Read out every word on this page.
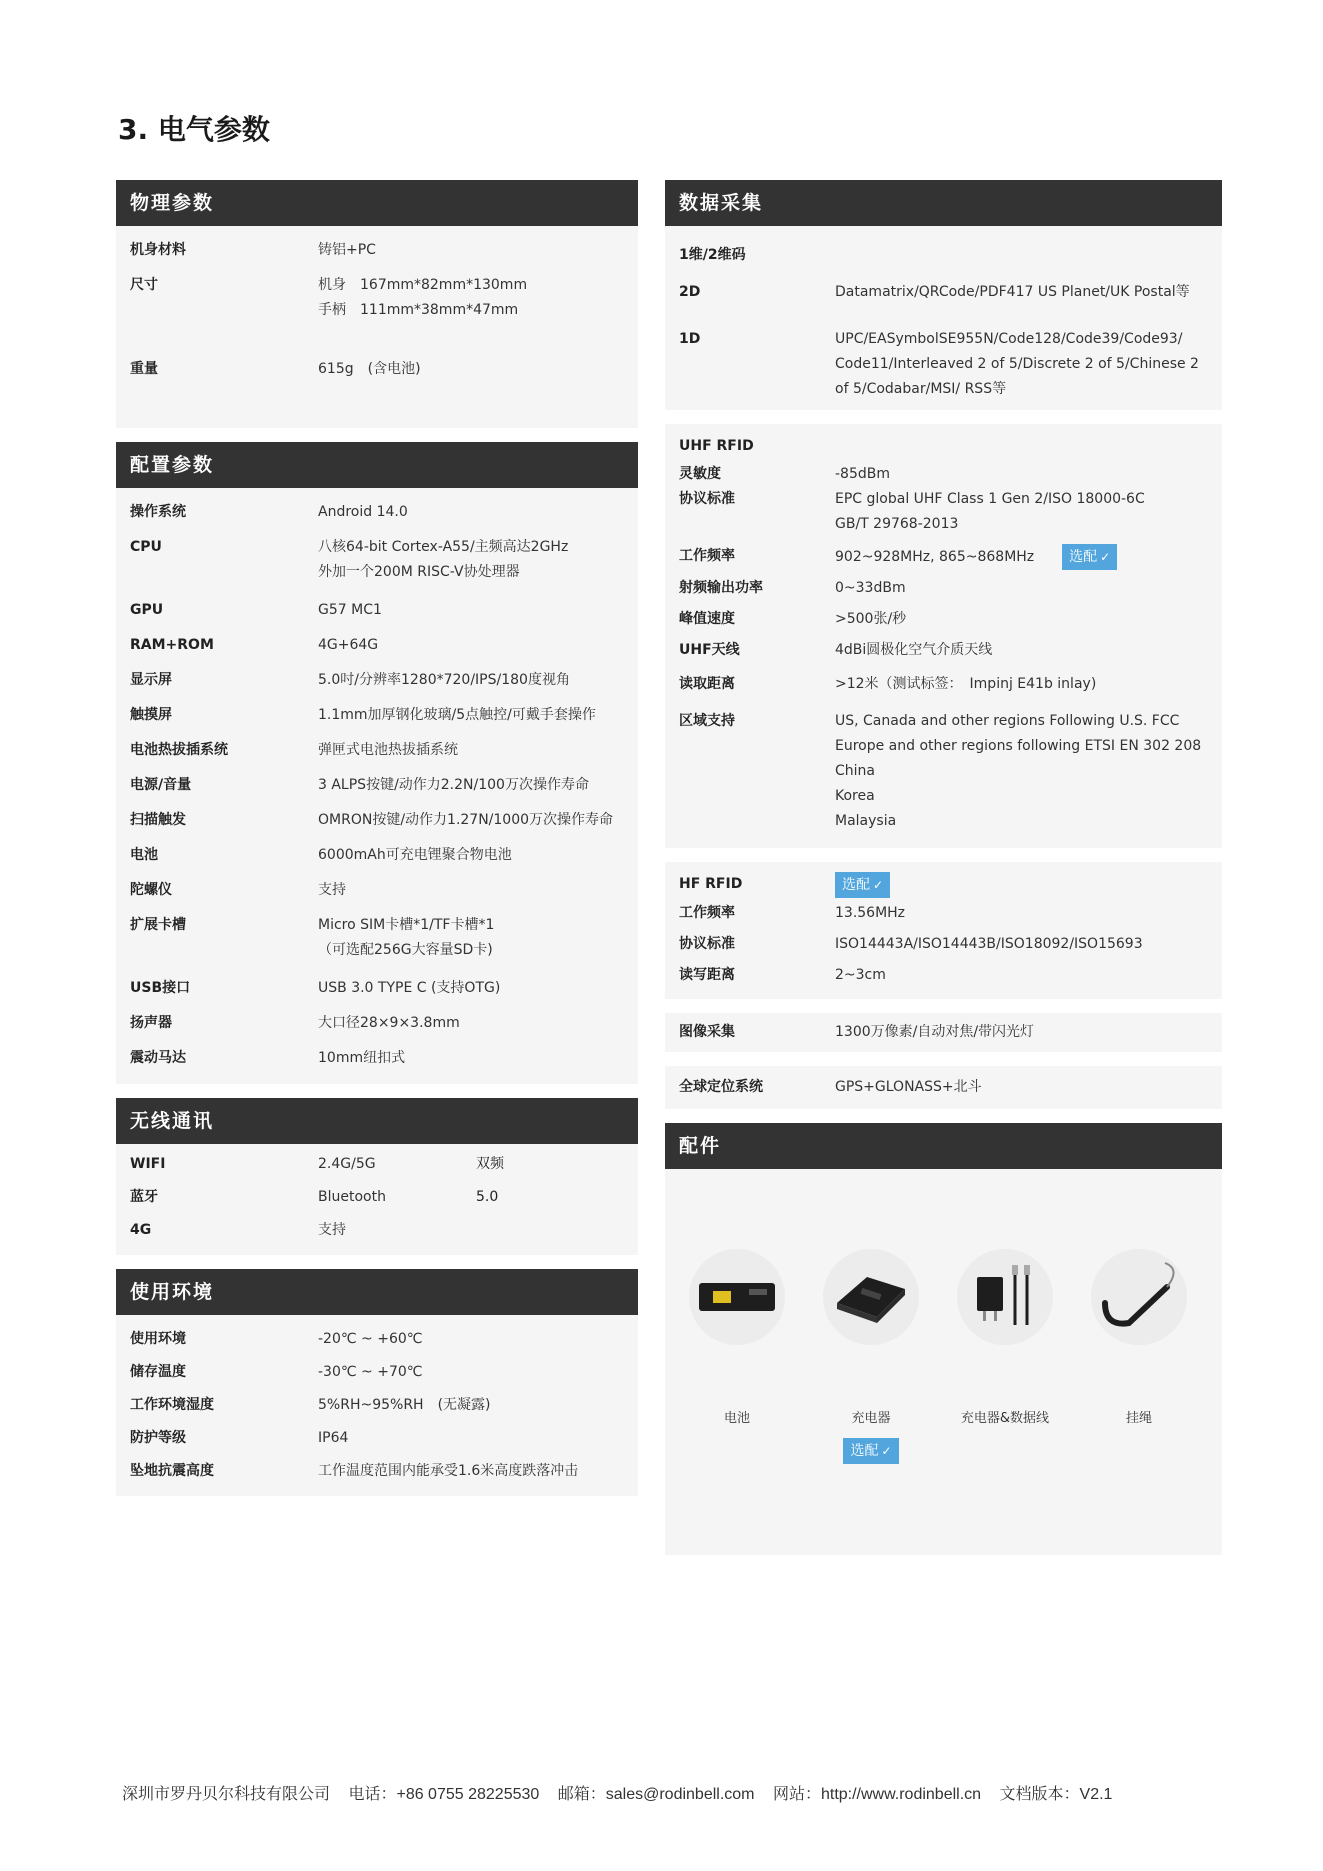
3. 电气参数
物理参数
机身材料	铸铝+PC
尺寸	机身　167mm*82mm*130mm
手柄　111mm*38mm*47mm
重量	615g　(含电池)
配置参数
操作系统	Android 14.0
CPU	八核64-bit Cortex-A55/主频高达2GHz
外加一个200M RISC-V协处理器
GPU	G57 MC1
RAM+ROM	4G+64G
显示屏	5.0吋/分辨率1280*720/IPS/180度视角
触摸屏	1.1mm加厚钢化玻璃/5点触控/可戴手套操作
电池热拔插系统	弹匣式电池热拔插系统
电源/音量	3 ALPS按键/动作力2.2N/100万次操作寿命
扫描触发	OMRON按键/动作力1.27N/1000万次操作寿命
电池	6000mAh可充电锂聚合物电池
陀螺仪	支持
扩展卡槽	Micro SIM卡槽*1/TF卡槽*1
（可选配256G大容量SD卡)
USB接口	USB 3.0 TYPE C (支持OTG)
扬声器	大口径28×9×3.8mm
震动马达	10mm纽扣式
无线通讯
WIFI	2.4G/5G	双频
蓝牙	Bluetooth	5.0
4G	支持
使用环境
使用环境	-20℃ ~ +60℃
储存温度	-30℃ ~ +70℃
工作环境湿度	5%RH~95%RH　(无凝露)
防护等级	IP64
坠地抗震高度	工作温度范围内能承受1.6米高度跌落冲击
数据采集
1维/2维码
2D	Datamatrix/QRCode/PDF417 US Planet/UK Postal等
1D	UPC/EASymbolSE955N/Code128/Code39/Code93/
Code11/Interleaved 2 of 5/Discrete 2 of 5/Chinese 2
of 5/Codabar/MSI/ RSS等
UHF RFID
灵敏度	-85dBm
协议标准	EPC global UHF Class 1 Gen 2/ISO 18000-6C
GB/T 29768-2013
工作频率	902~928MHz, 865~868MHz	选配 ✓
射频输出功率	0~33dBm
峰值速度	>500张/秒
UHF天线	4dBi圆极化空气介质天线
读取距离	>12米（测试标签：　Impinj E41b inlay)
区域支持	US, Canada and other regions Following U.S. FCC
Europe and other regions following ETSI EN 302 208
China
Korea
Malaysia
HF RFID	选配 ✓
工作频率	13.56MHz
协议标准	ISO14443A/ISO14443B/ISO18092/ISO15693
读写距离	2~3cm
图像采集	1300万像素/自动对焦/带闪光灯
全球定位系统	GPS+GLONASS+北斗
配件
电池	充电器
选配 ✓
充电器&数据线	挂绳
深圳市罗丹贝尔科技有限公司 电话：+86 0755 28225530 邮箱：sales@rodinbell.com 网站：http://www.rodinbell.cn 文档版本：V2.1
